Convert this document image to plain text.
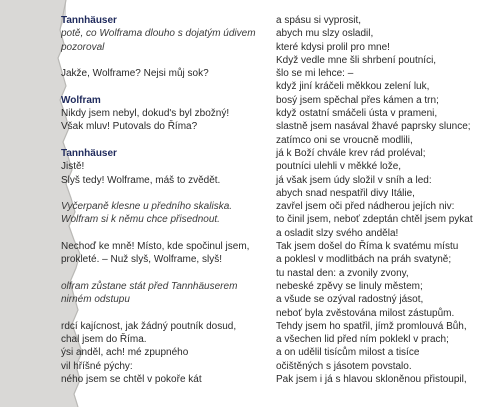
Tannhäuser
potě, co Wolframa dlouho s dojatým údivem
pozoroval
Jakže, Wolframe? Nejsi můj sok?
Wolfram
Nikdy jsem nebyl, dokud's byl zbožný!
Však mluv! Putovals do Říma?
Tannhäuser
Jistě!
Slyš tedy! Wolframe, máš to zvědět.
Vyčerpaně klesne u předního skaliska.
Wolfram si k němu chce přisednout.
Nechoď ke mně! Místo, kde spočinul jsem,
prokleté. – Nuž slyš, Wolframe, slyš!
olfram zůstane stát před Tannhäuserem
nirném odstupu
rdcí kajícnost, jak žádný poutník dosud,
chal jsem do Říma.
ýsi anděl, ach! mé zpupného
vil hříšné pýchy:
ného jsem se chtěl v pokoře kát
a spásu si vyprosit,
abych mu slzy osladil,
které kdysi prolil pro mne!
Když vedle mne šli shrbení poutníci,
šlo se mi lehce: –
když jiní kráčeli měkkou zelení luk,
bosý jsem spěchal přes kámen a trn;
když ostatní smáčeli ústa v prameni,
slastně jsem nasával žhavé paprsky slunce;
zatímco oni se vroucně modlili,
já k Boží chvále krev rád proléval;
poutníci ulehli v měkké lože,
já však jsem údy složil v sníh a led:
abych snad nespatřil divy Itálie,
zavřel jsem oči před nádherou jejích niv:
to činil jsem, neboť zdeptán chtěl jsem pykat
a osladit slzy svého anděla!
Tak jsem došel do Říma k svatému místu
a poklesl v modlitbách na práh svatyně;
tu nastal den: a zvonily zvony,
nebeské zpěvy se linuly městem;
a všude se ozýval radostný jásot,
neboť byla zvěstována milost zástupům.
Tehdy jsem ho spatřil, jímž promlouvá Bůh,
a všechen lid před ním poklekl v prach;
a on udělil tisícům milost a tisíce
očištěných s jásotem povstalo.
Pak jsem i já s hlavou skloněnou přistoupil,
